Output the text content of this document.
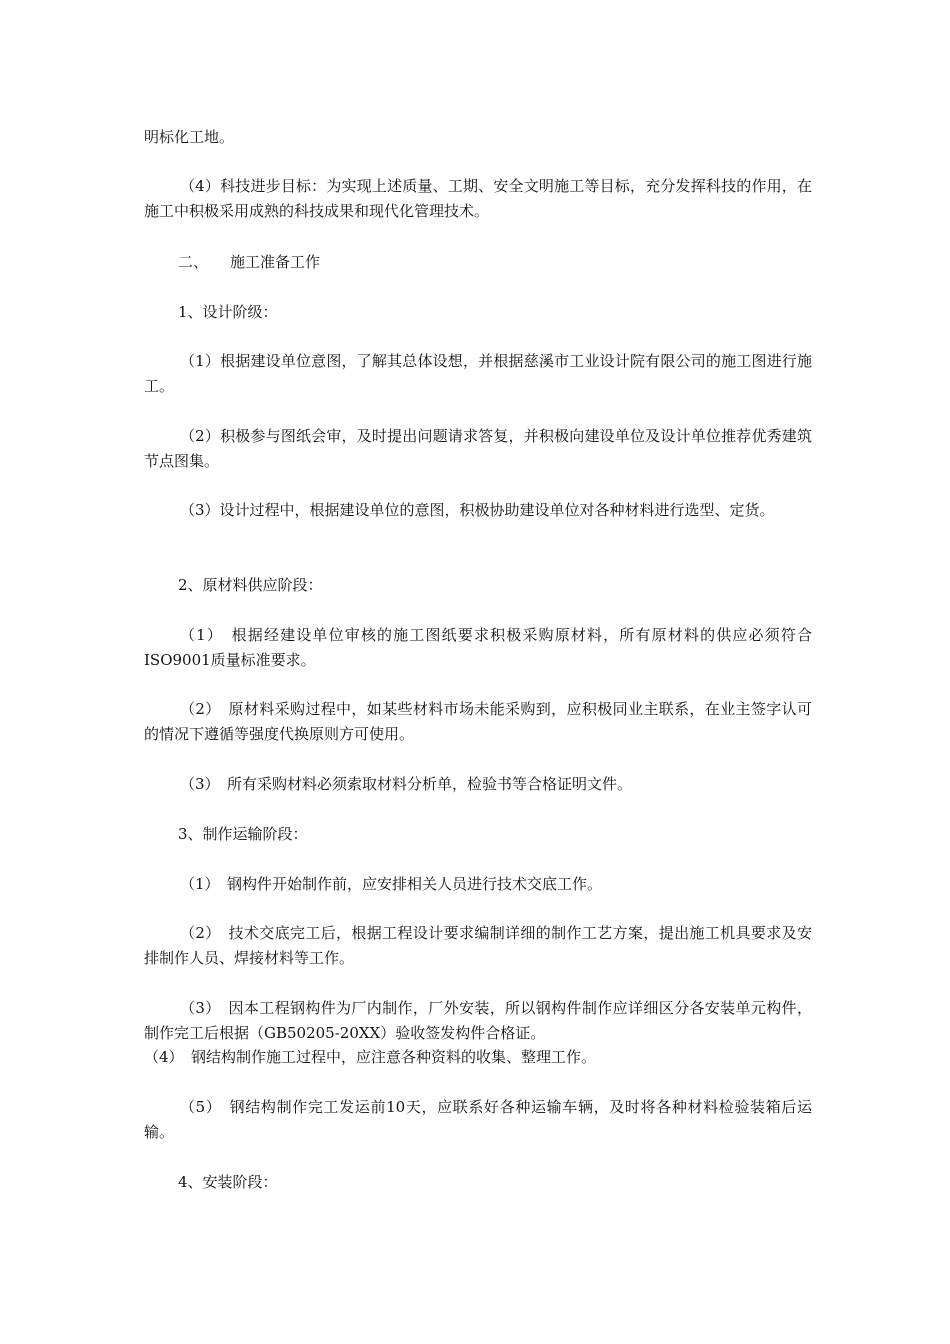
明标化工地。
（4）科技进步目标：为实现上述质量、工期、安全文明施工等目标，充分发挥科技的作用，在施工中积极采用成熟的科技成果和现代化管理技术。
二、 施工准备工作
1、设计阶级：
（1）根据建设单位意图，了解其总体设想，并根据慈溪市工业设计院有限公司的施工图进行施工。
（2）积极参与图纸会审，及时提出问题请求答复，并积极向建设单位及设计单位推荐优秀建筑节点图集。
（3）设计过程中，根据建设单位的意图，积极协助建设单位对各种材料进行选型、定货。
2、原材料供应阶段：
（1）　根据经建设单位审核的施工图纸要求积极采购原材料，所有原材料的供应必须符合ISO9001质量标准要求。
（2）　原材料采购过程中，如某些材料市场未能采购到，应积极同业主联系，在业主签字认可的情况下遵循等强度代换原则方可使用。
（3）　所有采购材料必须索取材料分析单，检验书等合格证明文件。
3、制作运输阶段：
（1）　钢构件开始制作前，应安排相关人员进行技术交底工作。
（2）　技术交底完工后，根据工程设计要求编制详细的制作工艺方案，提出施工机具要求及安排制作人员、焊接材料等工作。
（3）　因本工程钢构件为厂内制作，厂外安装，所以钢构件制作应详细区分各安装单元构件，制作完工后根据（GB50205-20XX）验收签发构件合格证。
（4）　钢结构制作施工过程中，应注意各种资料的收集、整理工作。
（5）　钢结构制作完工发运前10天，应联系好各种运输车辆，及时将各种材料检验装箱后运输。
4、安装阶段：
